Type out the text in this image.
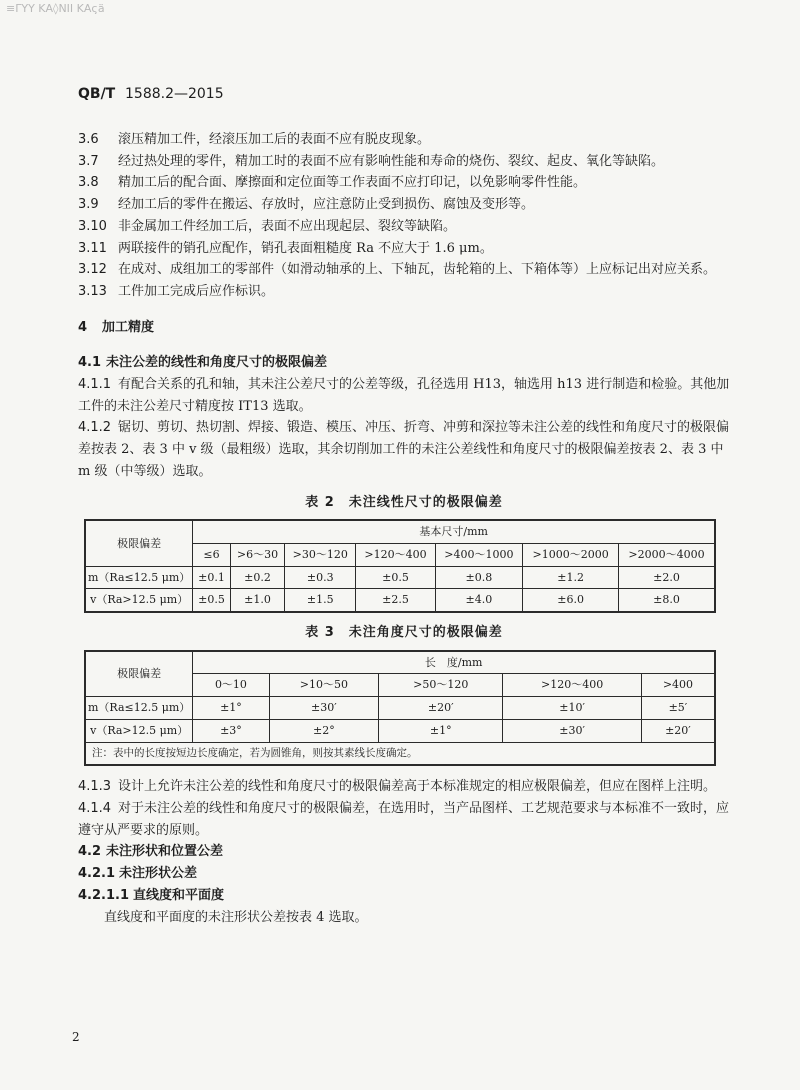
≡ΓΥΥ ΚΑ◊ΝΙΙ ΚΑςä
QB/T 1588.2—2015

3.6 滚压精加工件，经滚压加工后的表面不应有脱皮现象。

3.7 经过热处理的零件，精加工时的表面不应有影响性能和寿命的烧伤、裂纹、起皮、氧化等缺陷。

3.8 精加工后的配合面、摩擦面和定位面等工作表面不应打印记，以免影响零件性能。

3.9 经加工后的零件在搬运、存放时，应注意防止受到损伤、腐蚀及变形等。

3.10 非金属加工件经加工后，表面不应出现起层、裂纹等缺陷。

3.11 两联接件的销孔应配作，销孔表面粗糙度 Ra 不应大于 1.6 μm。

3.12 在成对、成组加工的零部件（如滑动轴承的上、下轴瓦，齿轮箱的上、下箱体等）上应标记出对应关系。

3.13 工件加工完成后应作标识。

4 加工精度

4.1 未注公差的线性和角度尺寸的极限偏差

4.1.1 有配合关系的孔和轴，其未注公差尺寸的公差等级，孔径选用 H13，轴选用 h13 进行制造和检验。其他加工件的未注公差尺寸精度按 IT13 选取。

4.1.2 锯切、剪切、热切割、焊接、锻造、模压、冲压、折弯、冲剪和深拉等未注公差的线性和角度尺寸的极限偏差按表 2、表 3 中 v 级（最粗级）选取，其余切削加工件的未注公差线性和角度尺寸的极限偏差按表 2、表 3 中 m 级（中等级）选取。

表 2　未注线性尺寸的极限偏差
极限偏差	基本尺寸/mm						
	≤6	>6～30	>30～120	>120～400	>400～1000	>1000～2000	>2000～4000
m（Ra≤12.5 μm）	±0.1	±0.2	±0.3	±0.5	±0.8	±1.2	±2.0
v（Ra>12.5 μm）	±0.5	±1.0	±1.5	±2.5	±4.0	±6.0	±8.0
表 3　未注角度尺寸的极限偏差
极限偏差	长　度/mm				
	0～10	>10～50	>50～120	>120～400	>400
m（Ra≤12.5 μm）	±1°	±30′	±20′	±10′	±5′
v（Ra>12.5 μm）	±3°	±2°	±1°	±30′	±20′
注：表中的长度按短边长度确定，若为圆锥角，则按其素线长度确定。					

4.1.3 设计上允许未注公差的线性和角度尺寸的极限偏差高于本标准规定的相应极限偏差，但应在图样上注明。

4.1.4 对于未注公差的线性和角度尺寸的极限偏差，在选用时，当产品图样、工艺规范要求与本标准不一致时，应遵守从严要求的原则。

4.2 未注形状和位置公差

4.2.1 未注形状公差

4.2.1.1 直线度和平面度

直线度和平面度的未注形状公差按表 4 选取。

2
